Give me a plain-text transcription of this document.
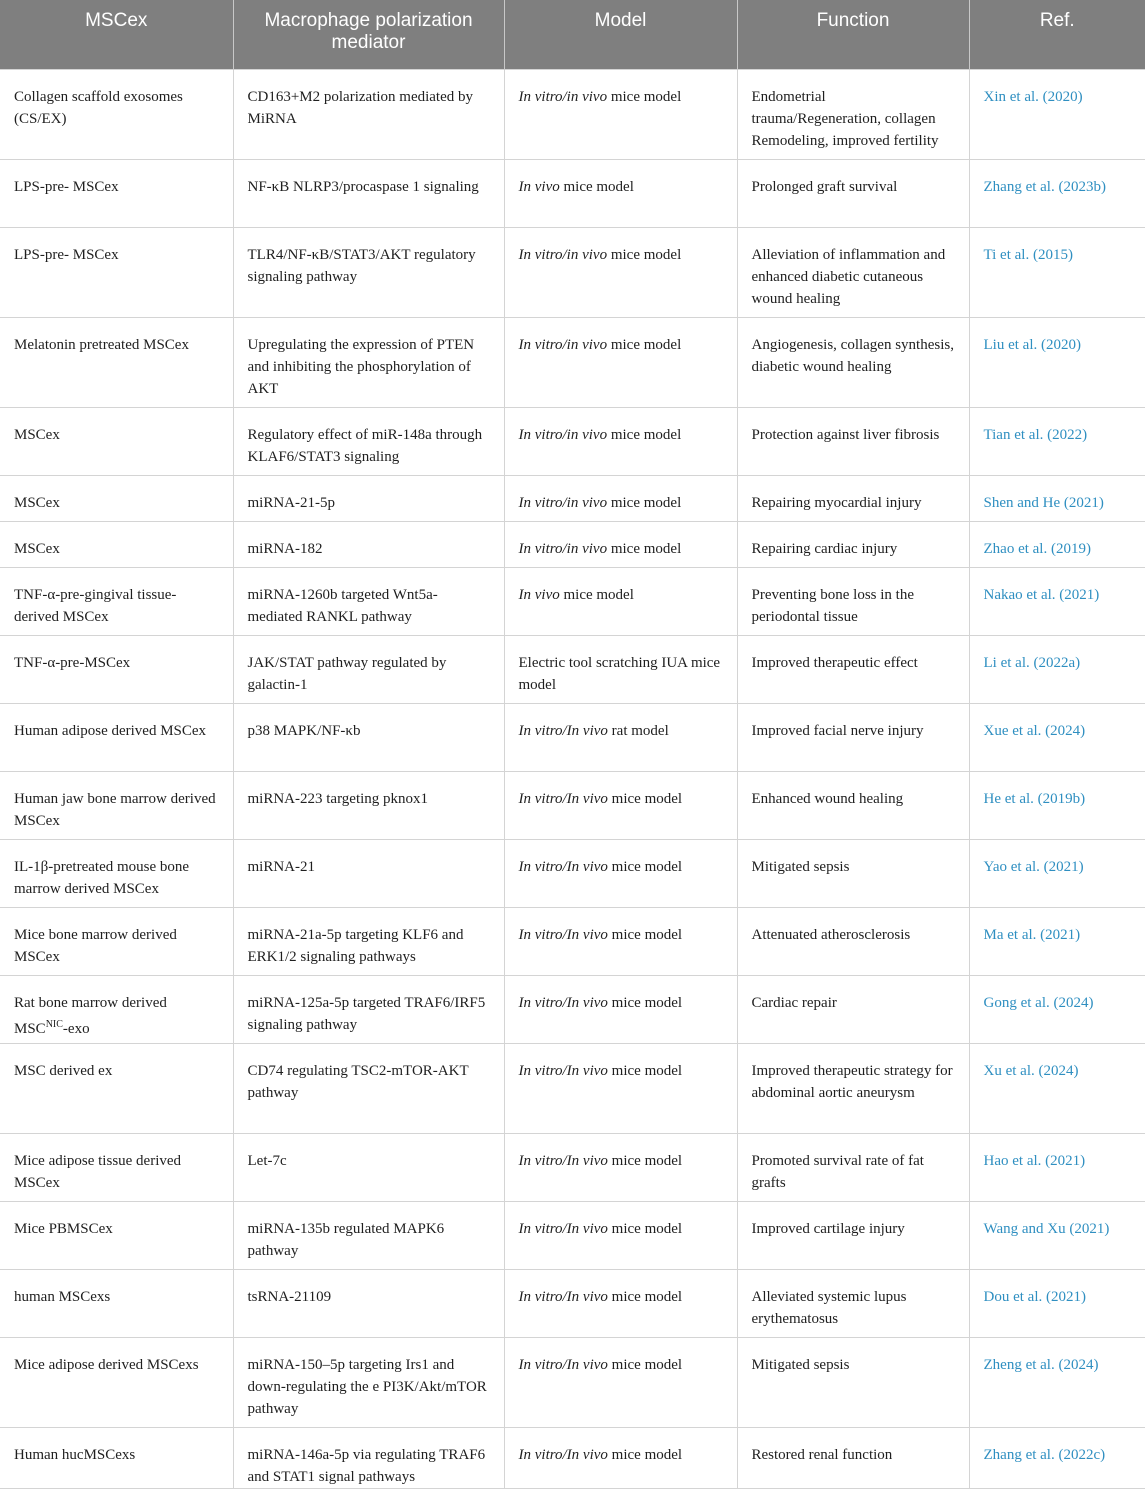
MSCex	Macrophage polarization mediator	Model	Function	Ref.
Collagen scaffold exosomes (CS/EX)	CD163+M2 polarization mediated by MiRNA	In vitro/in vivo mice model	Endometrial trauma/Regeneration, collagen Remodeling, improved fertility	Xin et al. (2020)
LPS-pre- MSCex	NF-κB NLRP3/procaspase 1 signaling	In vivo mice model	Prolonged graft survival	Zhang et al. (2023b)
LPS-pre- MSCex	TLR4/NF-κB/STAT3/AKT regulatory signaling pathway	In vitro/in vivo mice model	Alleviation of inflammation and enhanced diabetic cutaneous wound healing	Ti et al. (2015)
Melatonin pretreated MSCex	Upregulating the expression of PTEN and inhibiting the phosphorylation of AKT	In vitro/in vivo mice model	Angiogenesis, collagen synthesis, diabetic wound healing	Liu et al. (2020)
MSCex	Regulatory effect of miR-148a through KLAF6/STAT3 signaling	In vitro/in vivo mice model	Protection against liver fibrosis	Tian et al. (2022)
MSCex	miRNA-21-5p	In vitro/in vivo mice model	Repairing myocardial injury	Shen and He (2021)
MSCex	miRNA-182	In vitro/in vivo mice model	Repairing cardiac injury	Zhao et al. (2019)
TNF-α-pre-gingival tissue-derived MSCex	miRNA-1260b targeted Wnt5a-mediated RANKL pathway	In vivo mice model	Preventing bone loss in the periodontal tissue	Nakao et al. (2021)
TNF-α-pre-MSCex	JAK/STAT pathway regulated by galactin-1	Electric tool scratching IUA mice model	Improved therapeutic effect	Li et al. (2022a)
Human adipose derived MSCex	p38 MAPK/NF-κb	In vitro/In vivo rat model	Improved facial nerve injury	Xue et al. (2024)
Human jaw bone marrow derived MSCex	miRNA-223 targeting pknox1	In vitro/In vivo mice model	Enhanced wound healing	He et al. (2019b)
IL-1β-pretreated mouse bone marrow derived MSCex	miRNA-21	In vitro/In vivo mice model	Mitigated sepsis	Yao et al. (2021)
Mice bone marrow derived MSCex	miRNA-21a-5p targeting KLF6 and ERK1/2 signaling pathways	In vitro/In vivo mice model	Attenuated atherosclerosis	Ma et al. (2021)
Rat bone marrow derived $MSC^{NIC}$-exo	miRNA-125a-5p targeted TRAF6/IRF5 signaling pathway	In vitro/In vivo mice model	Cardiac repair	Gong et al. (2024)
MSC derived ex	CD74 regulating TSC2-mTOR-AKT pathway	In vitro/In vivo mice model	Improved therapeutic strategy for abdominal aortic aneurysm	Xu et al. (2024)
Mice adipose tissue derived MSCex	Let-7c	In vitro/In vivo mice model	Promoted survival rate of fat grafts	Hao et al. (2021)
Mice PBMSCex	miRNA-135b regulated MAPK6 pathway	In vitro/In vivo mice model	Improved cartilage injury	Wang and Xu (2021)
human MSCexs	tsRNA-21109	In vitro/In vivo mice model	Alleviated systemic lupus erythematosus	Dou et al. (2021)
Mice adipose derived MSCexs	miRNA-150–5p targeting Irs1 and down-regulating the e PI3K/Akt/mTOR pathway	In vitro/In vivo mice model	Mitigated sepsis	Zheng et al. (2024)
Human hucMSCexs	miRNA-146a-5p via regulating TRAF6 and STAT1 signal pathways	In vitro/In vivo mice model	Restored renal function	Zhang et al. (2022c)
